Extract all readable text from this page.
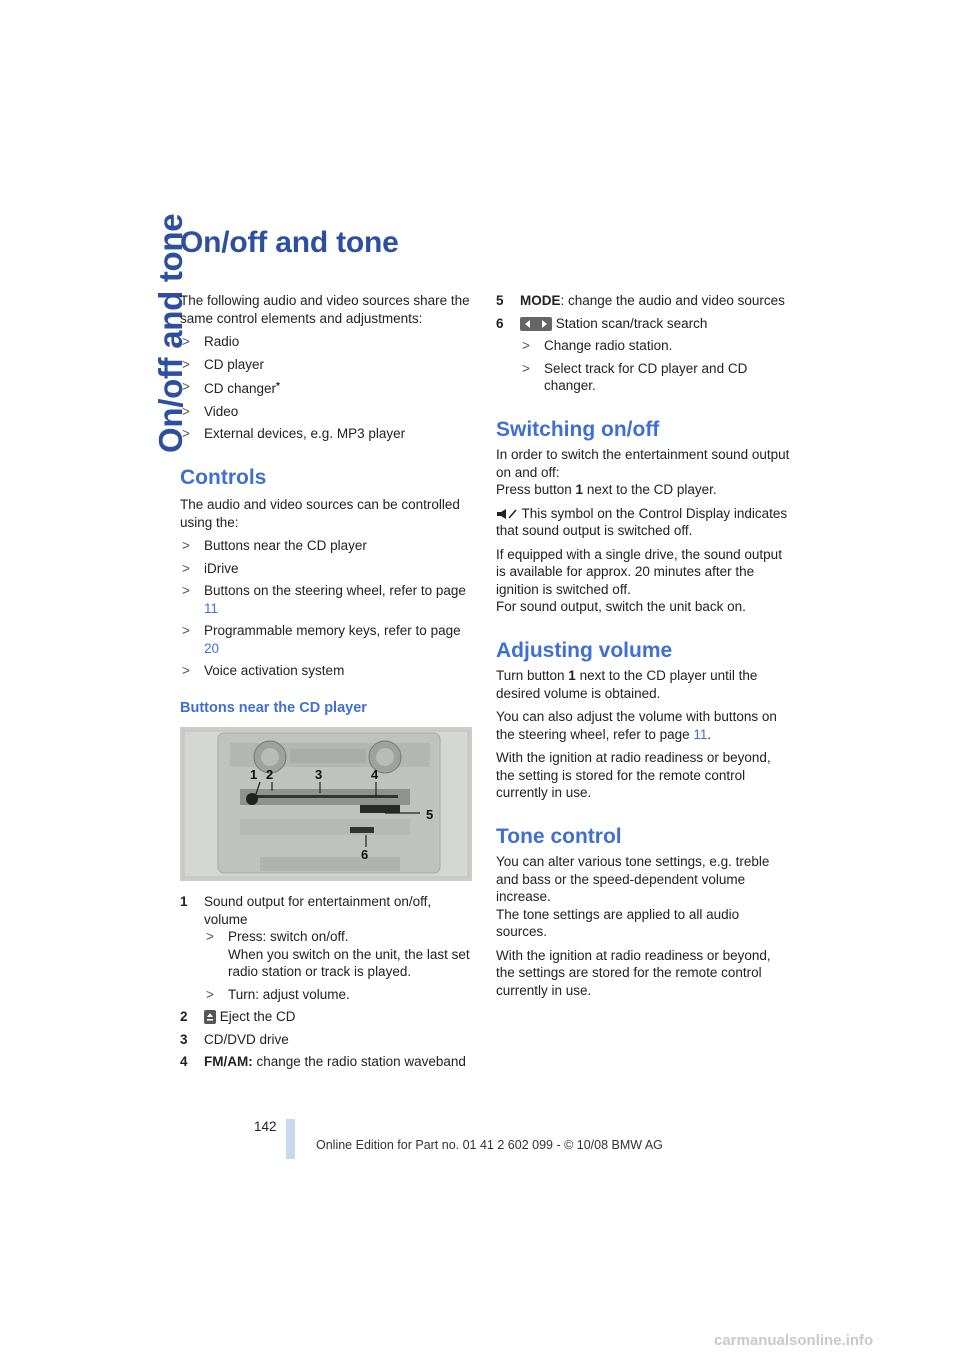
On/off and tone
On/off and tone

The following audio and video sources share the same control elements and adjustments:

> Radio
> CD player
> CD changer*
> Video
> External devices, e.g. MP3 player
Controls

The audio and video sources can be controlled using the:

> Buttons near the CD player
> iDrive
> Buttons on the steering wheel, refer to page 11
> Programmable memory keys, refer to page 20
> Voice activation system
Buttons near the CD player
1 2	3	4
5
6
1 Sound output for entertainment on/off, volume
> Press: switch on/off.
When you switch on the unit, the last set radio station or track is played.
> Turn: adjust volume.
2 Eject the CD
3 CD/DVD drive
4 FM/AM: change the radio station waveband
5 MODE: change the audio and video sources
6	Station scan/track search
> Change radio station.
> Select track for CD player and CD changer.
Switching on/off

In order to switch the entertainment sound output on and off:
Press button 1 next to the CD player.

This symbol on the Control Display indicates that sound output is switched off.

If equipped with a single drive, the sound output is available for approx. 20 minutes after the ignition is switched off.
For sound output, switch the unit back on.

Adjusting volume

Turn button 1 next to the CD player until the desired volume is obtained.

You can also adjust the volume with buttons on the steering wheel, refer to page 11.

With the ignition at radio readiness or beyond, the setting is stored for the remote control currently in use.

Tone control

You can alter various tone settings, e.g. treble and bass or the speed-dependent volume increase.
The tone settings are applied to all audio sources.

With the ignition at radio readiness or beyond, the settings are stored for the remote control currently in use.

142
Online Edition for Part no. 01 41 2 602 099 - © 10/08 BMW AG
carmanualsonline.info
